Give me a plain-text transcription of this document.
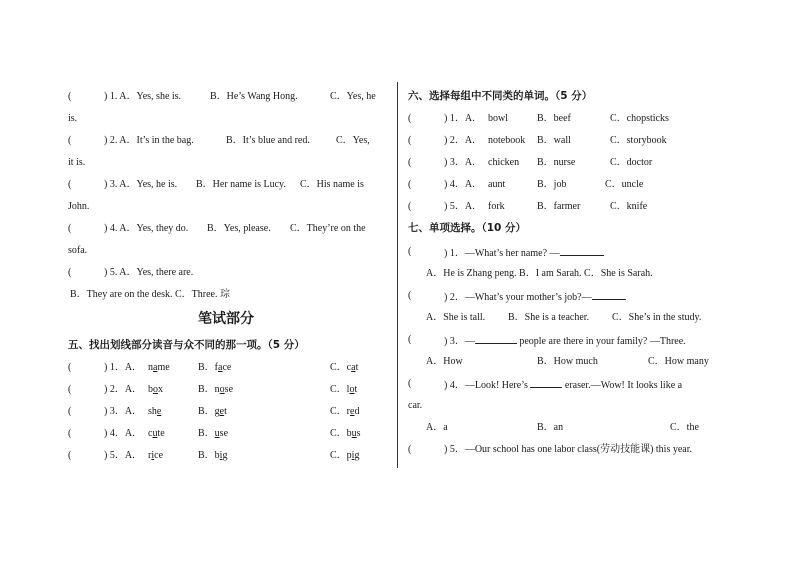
(	) 1. A．Yes, she is.	B．He’s Wang Hong.	C．Yes, he
is.
(	) 2. A．It’s in the bag.	B．It’s blue and red.	C．Yes,
it is.
(	) 3. A．Yes, he is. B．Her name is Lucy. C．His name is
John.
(	) 4. A．Yes, they do. B．Yes, please. C．They’re on the
sofa.
(	) 5. A．Yes, there are.
B．They are on the desk. C．Three. 琮
笔试部分
五、找出划线部分读音与众不同的那一项。（5 分）
(	) 1．A． name	B．face	C．cat
(	) 2．A． box	B．nose	C．lot
(	) 3．A． she	B．get	C．red
(	) 4．A． cute	B．use	C．bus
(	) 5．A． rice	B．big	C．pig
六、选择每组中不同类的单词。（5 分）
(	) 1．A． bowl	B．beef	C．chopsticks
(	) 2．A． notebook B．wall	C．storybook
(	) 3．A． chicken B．nurse	C．doctor
(	) 4．A． aunt	B．job	C．uncle
(	) 5．A． fork	B．farmer	C．knife
七、单项选择。（10 分）
(	) 1．—What’s her name? —
A．He is Zhang peng. B．I am Sarah. C．She is Sarah.
(	) 2．—What’s your mother’s job?—
A．She is tall. B．She is a teacher. C．She’s in the study.
(	) 3．—	people are there in your family? —Three.
A．How	B．How much	C．How many
(	) 4．—Look! Here’s	eraser.—Wow! It looks like a
car.
A．a	B．an	C．the
(	) 5．—Our school has one labor class(劳动技能课) this year.
